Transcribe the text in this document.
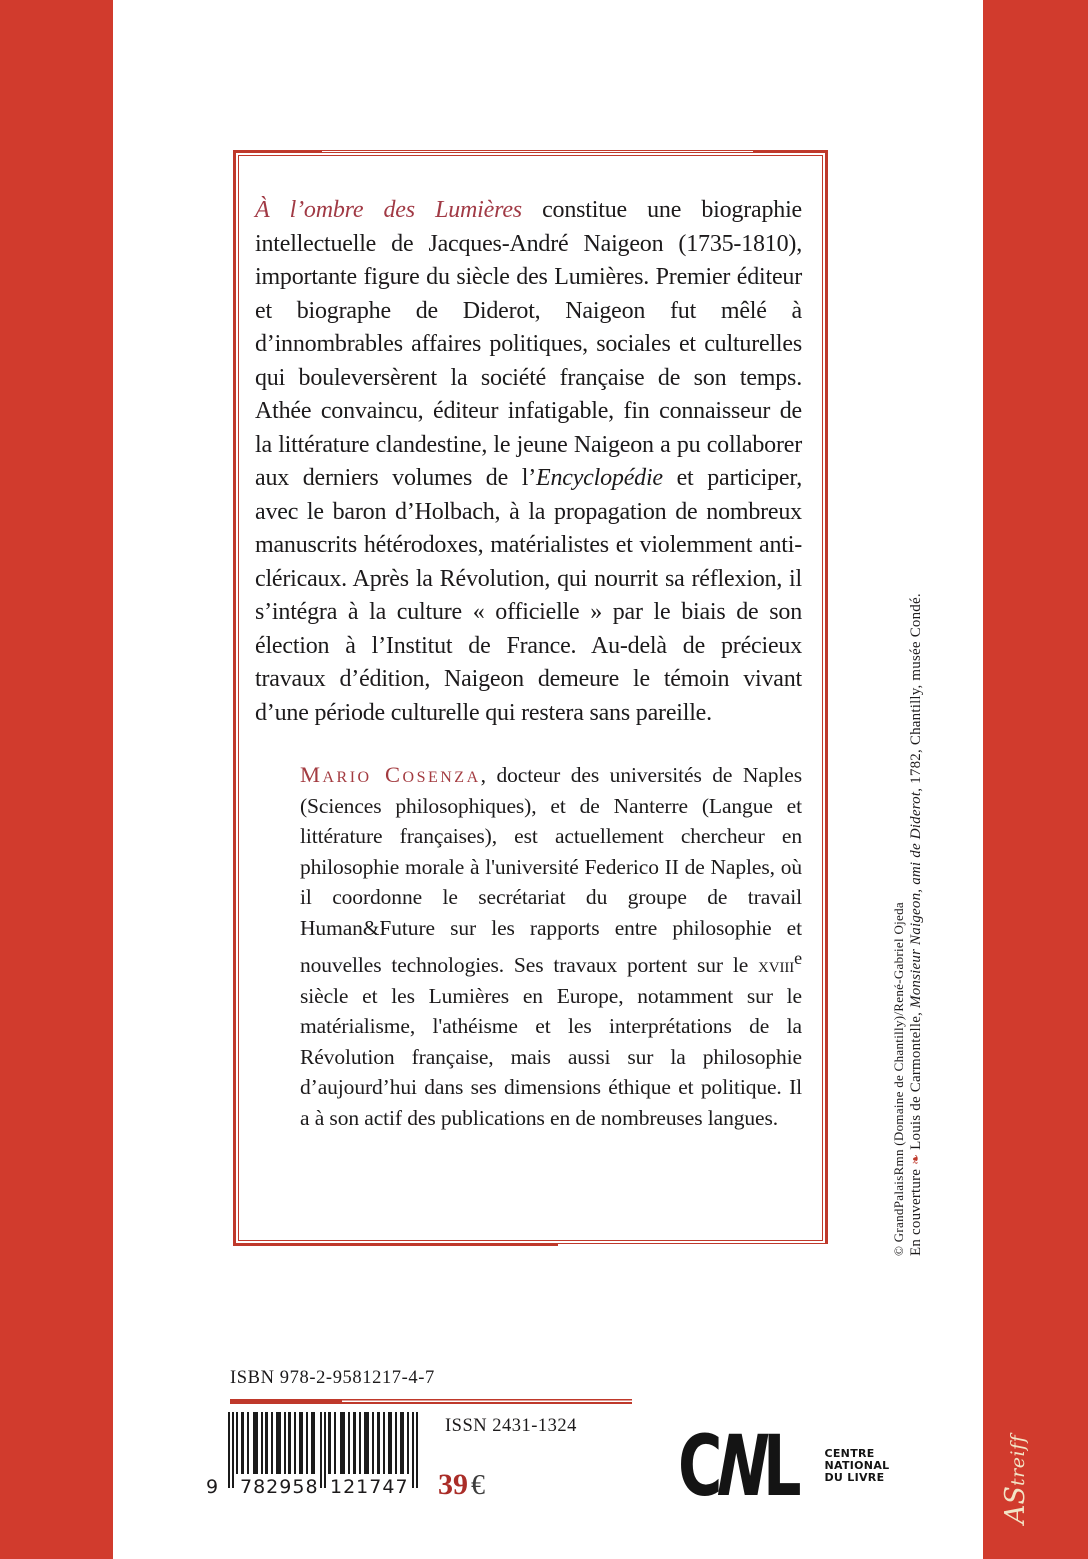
À l’ombre des Lumières constitue une biographie intellectuelle de Jacques-André Naigeon (1735-1810), importante figure du siècle des Lumières. Premier éditeur et biographe de Diderot, Naigeon fut mêlé à d’innombrables affaires politiques, sociales et culturelles qui bouleversèrent la société française de son temps. Athée convaincu, éditeur infatigable, fin connaisseur de la littérature clandestine, le jeune Naigeon a pu collaborer aux derniers volumes de l’Encyclopédie et participer, avec le baron d’Holbach, à la propagation de nombreux manuscrits hétérodoxes, matérialistes et violemment anti-cléricaux. Après la Révolution, qui nourrit sa réflexion, il s’intégra à la culture « officielle » par le biais de son élection à l’Institut de France. Au-delà de précieux travaux d’édition, Naigeon demeure le témoin vivant d’une période culturelle qui restera sans pareille.

Mario Cosenza, docteur des universités de Naples (Sciences philosophiques), et de Nanterre (Langue et littérature françaises), est actuellement chercheur en philosophie morale à l'université Federico II de Naples, où il coordonne le secrétariat du groupe de travail Human&Future sur les rapports entre philosophie et nouvelles technologies. Ses travaux portent sur le xviii$^e$ siècle et les Lumières en Europe, notamment sur le matérialisme, l'athéisme et les interprétations de la Révolution française, mais aussi sur la philosophie d’aujourd’hui dans ses dimensions éthique et politique. Il a à son actif des publications en de nombreuses langues.

En couverture ❧ Louis de Carmontelle, Monsieur Naigeon, ami de Diderot, 1782, Chantilly, musée Condé.
© GrandPalaisRmn (Domaine de Chantilly)/René-Gabriel Ojeda
ISBN 978-2-9581217-4-7
ISSN 2431-1324
9 782958 121747 39 € CNL	CENTRE
NATIONAL
DU LIVRE
AStreiff
